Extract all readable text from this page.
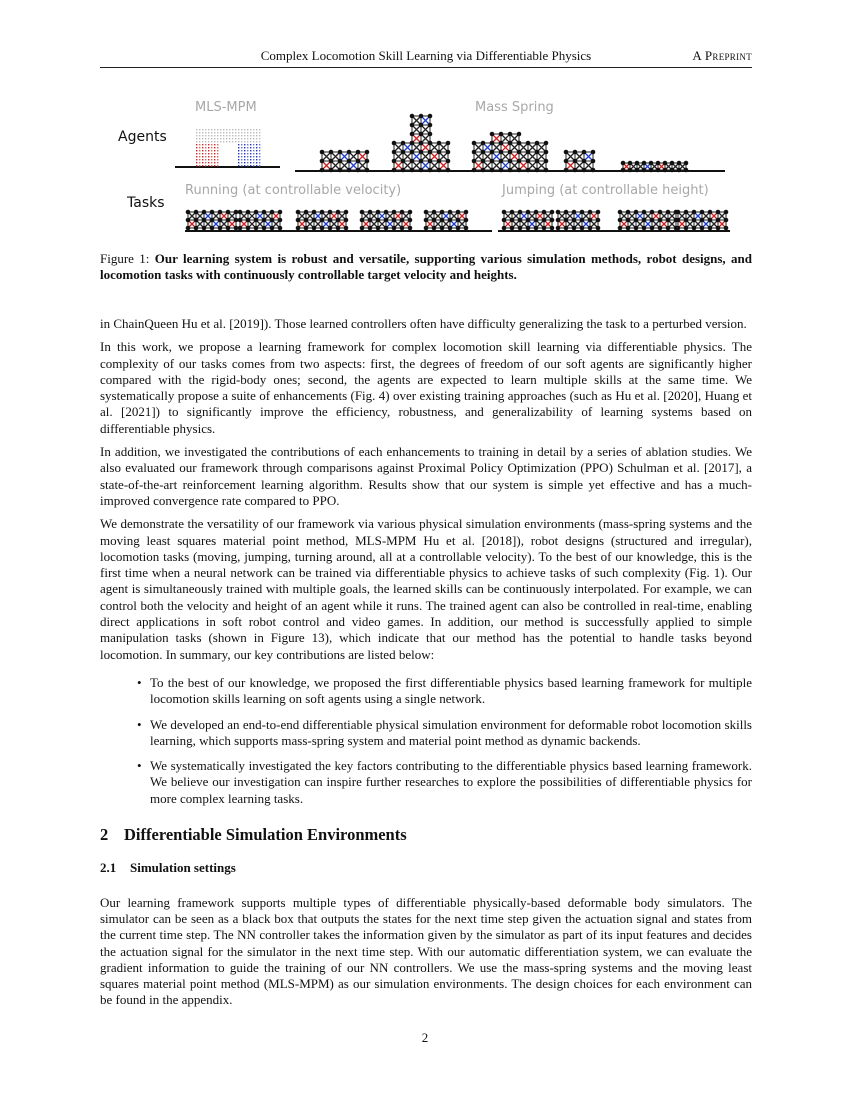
Complex Locomotion Skill Learning via Differentiable Physics	A Preprint
Agents
Tasks
MLS-MPM	Mass Spring
Running (at controllable velocity)	Jumping (at controllable height)
Figure 1: Our learning system is robust and versatile, supporting various simulation methods, robot designs, and locomotion tasks with continuously controllable target velocity and heights.

in ChainQueen Hu et al. [2019]). Those learned controllers often have difficulty generalizing the task to a perturbed version.

In this work, we propose a learning framework for complex locomotion skill learning via differentiable physics. The complexity of our tasks comes from two aspects: first, the degrees of freedom of our soft agents are significantly higher compared with the rigid-body ones; second, the agents are expected to learn multiple skills at the same time. We systematically propose a suite of enhancements (Fig. 4) over existing training approaches (such as Hu et al. [2020], Huang et al. [2021]) to significantly improve the efficiency, robustness, and generalizability of learning systems based on differentiable physics.

In addition, we investigated the contributions of each enhancements to training in detail by a series of ablation studies. We also evaluated our framework through comparisons against Proximal Policy Optimization (PPO) Schulman et al. [2017], a state-of-the-art reinforcement learning algorithm. Results show that our system is simple yet effective and has a much-improved convergence rate compared to PPO.

We demonstrate the versatility of our framework via various physical simulation environments (mass-spring systems and the moving least squares material point method, MLS-MPM Hu et al. [2018]), robot designs (structured and irregular), locomotion tasks (moving, jumping, turning around, all at a controllable velocity). To the best of our knowledge, this is the first time when a neural network can be trained via differentiable physics to achieve tasks of such complexity (Fig. 1). Our agent is simultaneously trained with multiple goals, the learned skills can be continuously interpolated. For example, we can control both the velocity and height of an agent while it runs. The trained agent can also be controlled in real-time, enabling direct applications in soft robot control and video games. In addition, our method is successfully applied to simple manipulation tasks (shown in Figure 13), which indicate that our method has the potential to handle tasks beyond locomotion. In summary, our key contributions are listed below:

• To the best of our knowledge, we proposed the first differentiable physics based learning framework for multiple locomotion skills learning on soft agents using a single network.
• We developed an end-to-end differentiable physical simulation environment for deformable robot locomotion skills learning, which supports mass-spring system and material point method as dynamic backends.
• We systematically investigated the key factors contributing to the differentiable physics based learning framework. We believe our investigation can inspire further researches to explore the possibilities of differentiable physics for more complex learning tasks.
2 Differentiable Simulation Environments
2.1 Simulation settings

Our learning framework supports multiple types of differentiable physically-based deformable body simulators. The simulator can be seen as a black box that outputs the states for the next time step given the actuation signal and states from the current time step. The NN controller takes the information given by the simulator as part of its input features and decides the actuation signal for the simulator in the next time step. With our automatic differentiation system, we can evaluate the gradient information to guide the training of our NN controllers. We use the mass-spring systems and the moving least squares material point method (MLS-MPM) as our simulation environments. The design choices for each environment can be found in the appendix.

2
